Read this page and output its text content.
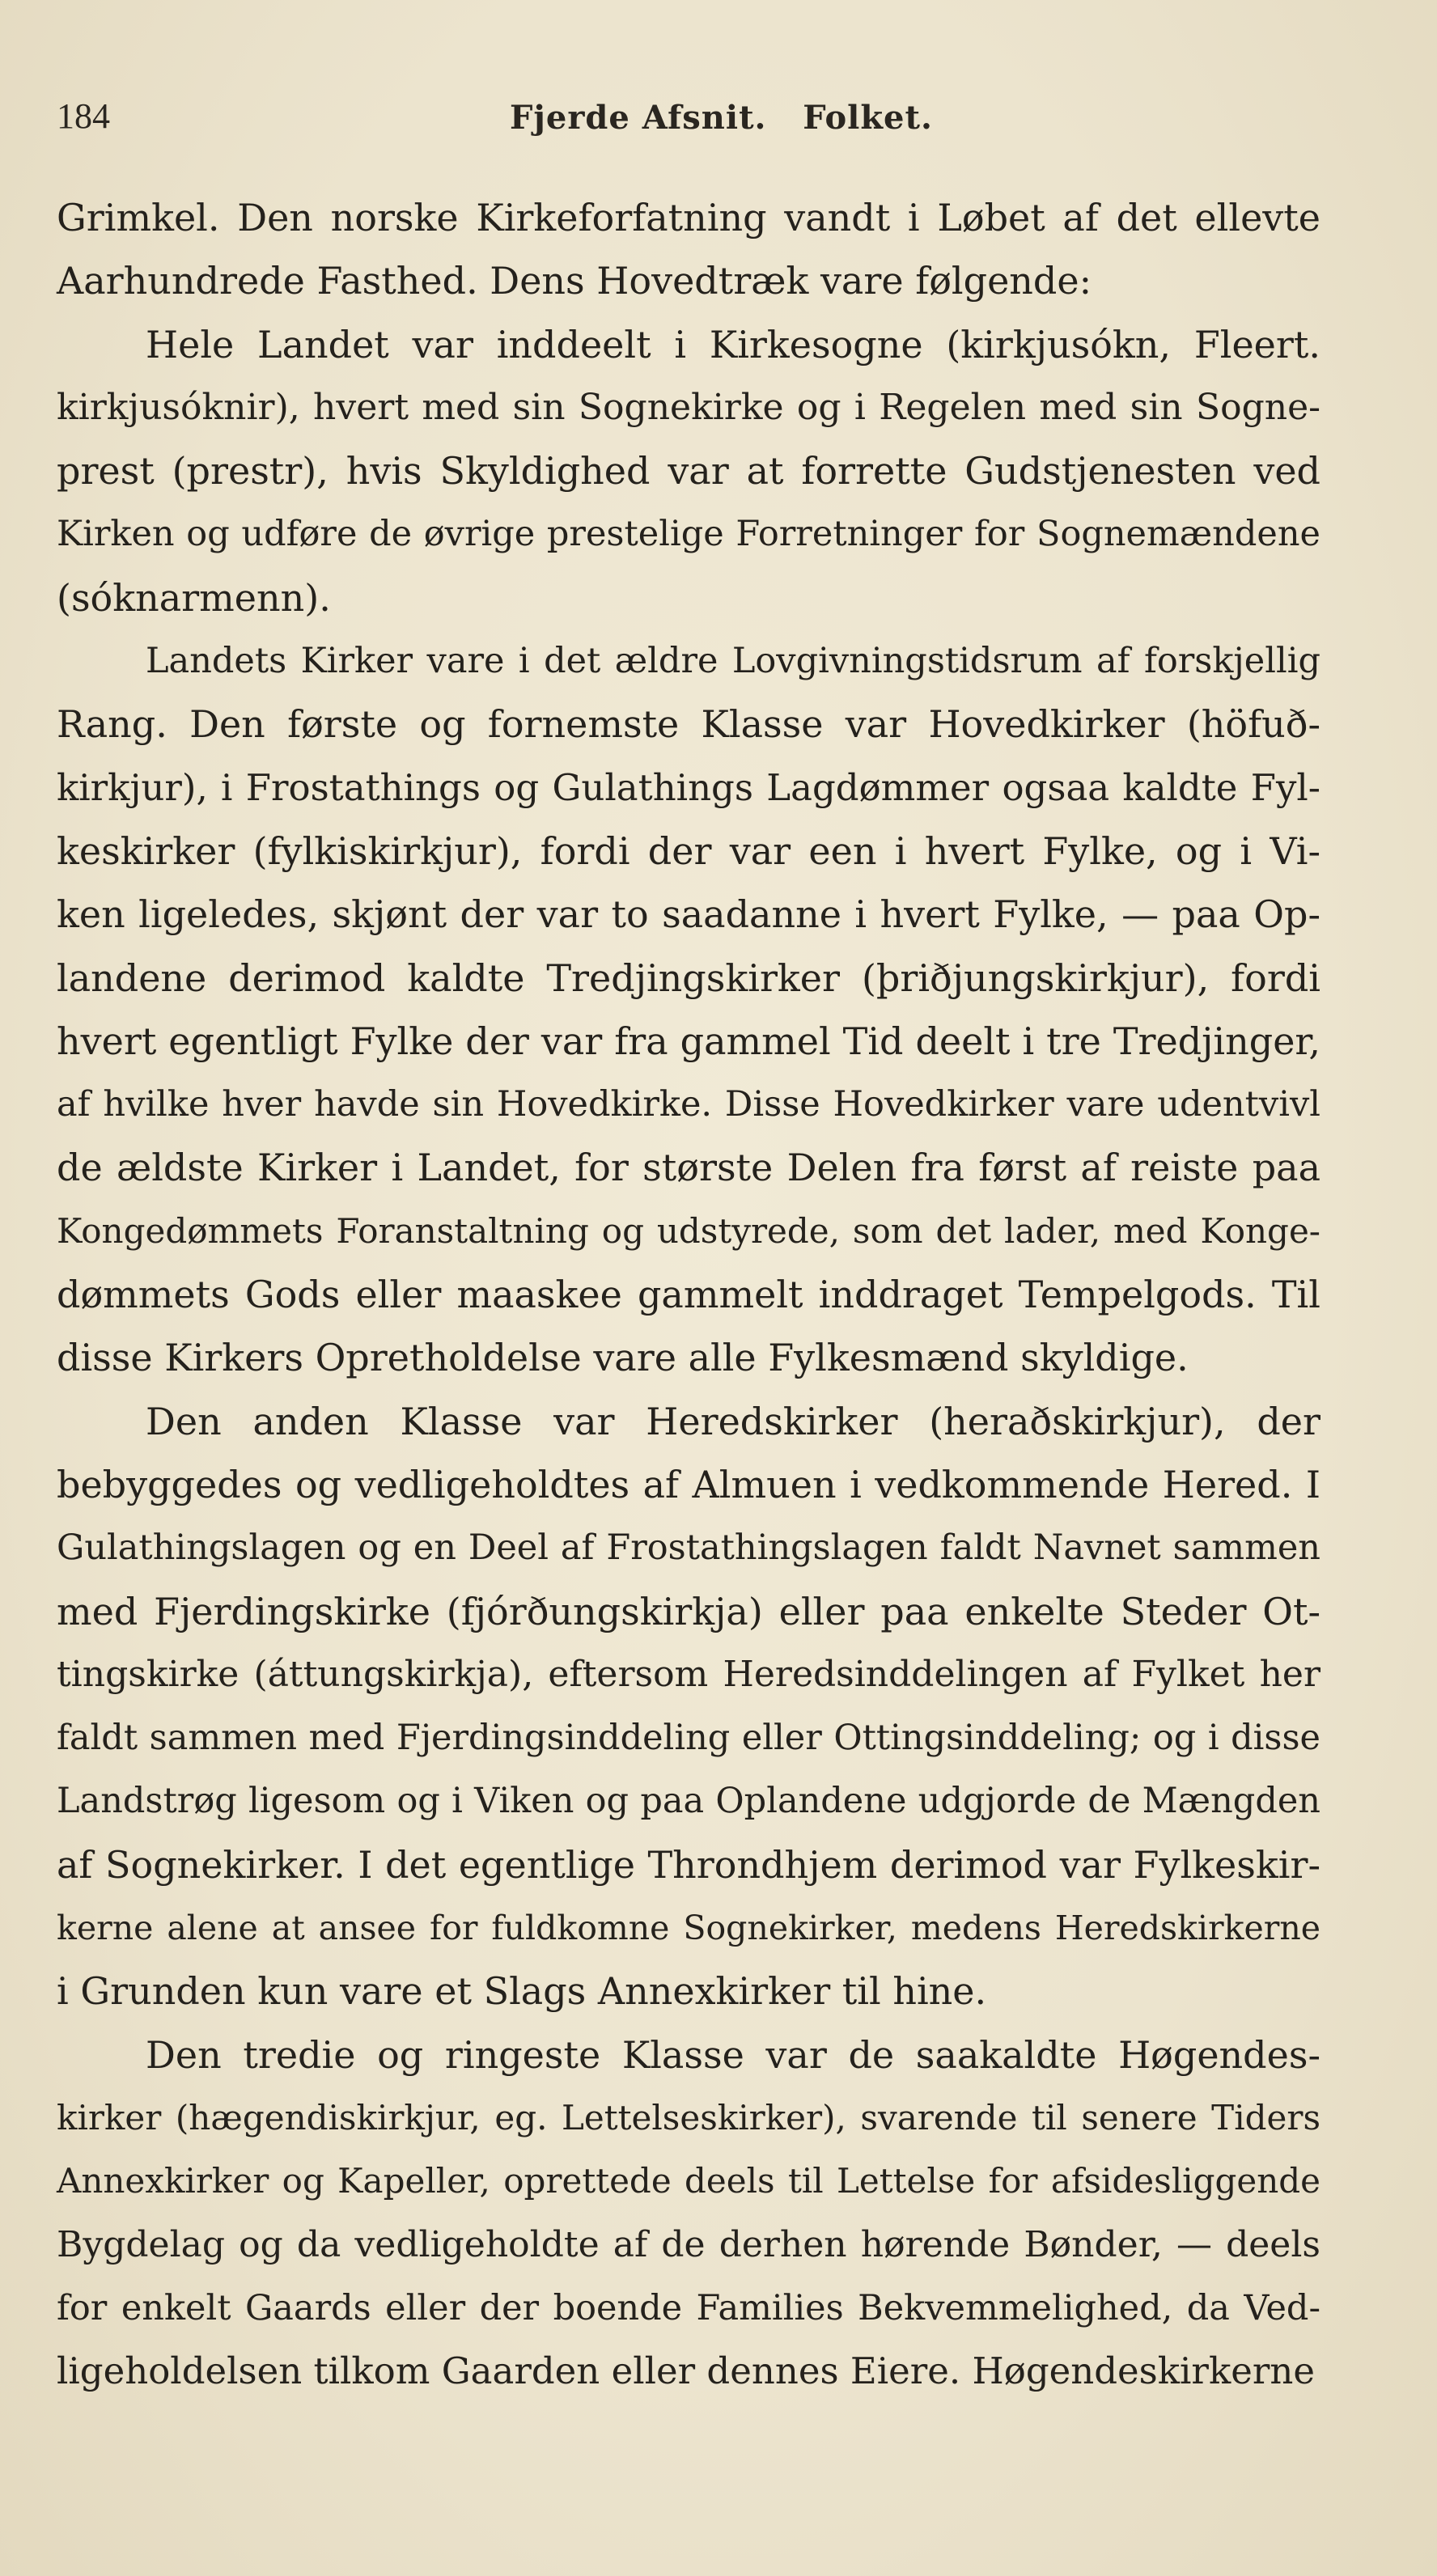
184	Fjerde Afsnit.   Folket.
Grimkel. Den norske Kirkeforfatning vandt i Løbet af det ellevte
Aarhundrede Fasthed. Dens Hovedtræk vare følgende:
Hele Landet var inddeelt i Kirkesogne (kirkjusókn, Fleert.
kirkjusóknir), hvert med sin Sognekirke og i Regelen med sin Sogne-
prest (prestr), hvis Skyldighed var at forrette Gudstjenesten ved
Kirken og udføre de øvrige prestelige Forretninger for Sognemændene
(sóknarmenn).
Landets Kirker vare i det ældre Lovgivningstidsrum af forskjellig
Rang. Den første og fornemste Klasse var Hovedkirker (höfuð-
kirkjur), i Frostathings og Gulathings Lagdømmer ogsaa kaldte Fyl-
keskirker (fylkiskirkjur), fordi der var een i hvert Fylke, og i Vi-
ken ligeledes, skjønt der var to saadanne i hvert Fylke, — paa Op-
landene derimod kaldte Tredjingskirker (þriðjungskirkjur), fordi
hvert egentligt Fylke der var fra gammel Tid deelt i tre Tredjinger,
af hvilke hver havde sin Hovedkirke. Disse Hovedkirker vare udentvivl
de ældste Kirker i Landet, for største Delen fra først af reiste paa
Kongedømmets Foranstaltning og udstyrede, som det lader, med Konge-
dømmets Gods eller maaskee gammelt inddraget Tempelgods. Til
disse Kirkers Opretholdelse vare alle Fylkesmænd skyldige.
Den anden Klasse var Heredskirker (heraðskirkjur), der
bebyggedes og vedligeholdtes af Almuen i vedkommende Hered. I
Gulathingslagen og en Deel af Frostathingslagen faldt Navnet sammen
med Fjerdingskirke (fjórðungskirkja) eller paa enkelte Steder Ot-
tingskirke (áttungskirkja), eftersom Heredsinddelingen af Fylket her
faldt sammen med Fjerdingsinddeling eller Ottingsinddeling; og i disse
Landstrøg ligesom og i Viken og paa Oplandene udgjorde de Mængden
af Sognekirker. I det egentlige Throndhjem derimod var Fylkeskir-
kerne alene at ansee for fuldkomne Sognekirker, medens Heredskirkerne
i Grunden kun vare et Slags Annexkirker til hine.
Den tredie og ringeste Klasse var de saakaldte Høgendes-
kirker (hægendiskirkjur, eg. Lettelseskirker), svarende til senere Tiders
Annexkirker og Kapeller, oprettede deels til Lettelse for afsidesliggende
Bygdelag og da vedligeholdte af de derhen hørende Bønder, — deels
for enkelt Gaards eller der boende Families Bekvemmelighed, da Ved-
ligeholdelsen tilkom Gaarden eller dennes Eiere. Høgendeskirkerne
